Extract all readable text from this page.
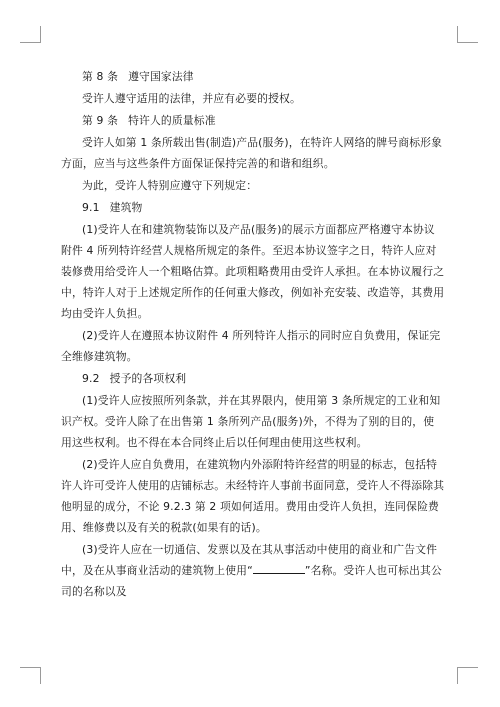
第 8 条 遵守国家法律

受许人遵守适用的法律，并应有必要的授权。

第 9 条 特许人的质量标准

受许人如第 1 条所载出售(制造)产品(服务)，在特许人网络的牌号商标形象方面，应当与这些条件方面保证保持完善的和谐和组织。

为此，受许人特别应遵守下列规定：

9.1 建筑物

(1)受许人在和建筑物装饰以及产品(服务)的展示方面都应严格遵守本协议附件 4 所列特许经营人规格所规定的条件。至迟本协议签字之日，特许人应对装修费用给受许人一个粗略估算。此项粗略费用由受许人承担。在本协议履行之中，特许人对于上述规定所作的任何重大修改，例如补充安装、改造等，其费用均由受许人负担。

(2)受许人在遵照本协议附件 4 所列特许人指示的同时应自负费用，保证完全维修建筑物。

9.2 授予的各项权利

(1)受许人应按照所列条款，并在其界限内，使用第 3 条所规定的工业和知识产权。受许人除了在出售第 1 条所列产品(服务)外，不得为了别的目的，使用这些权利。也不得在本合同终止后以任何理由使用这些权利。

(2)受许人应自负费用，在建筑物内外添附特许经营的明显的标志，包括特许人许可受许人使用的店铺标志。未经特许人事前书面同意，受许人不得添除其他明显的成分，不论 9.2.3 第 2 项如何适用。费用由受许人负担，连同保险费用、维修费以及有关的税款(如果有的话)。

(3)受许人应在一切通信、发票以及在其从事活动中使用的商业和广告文件中，及在从事商业活动的建筑物上使用“	”名称。受许人也可标出其公司的名称以及
